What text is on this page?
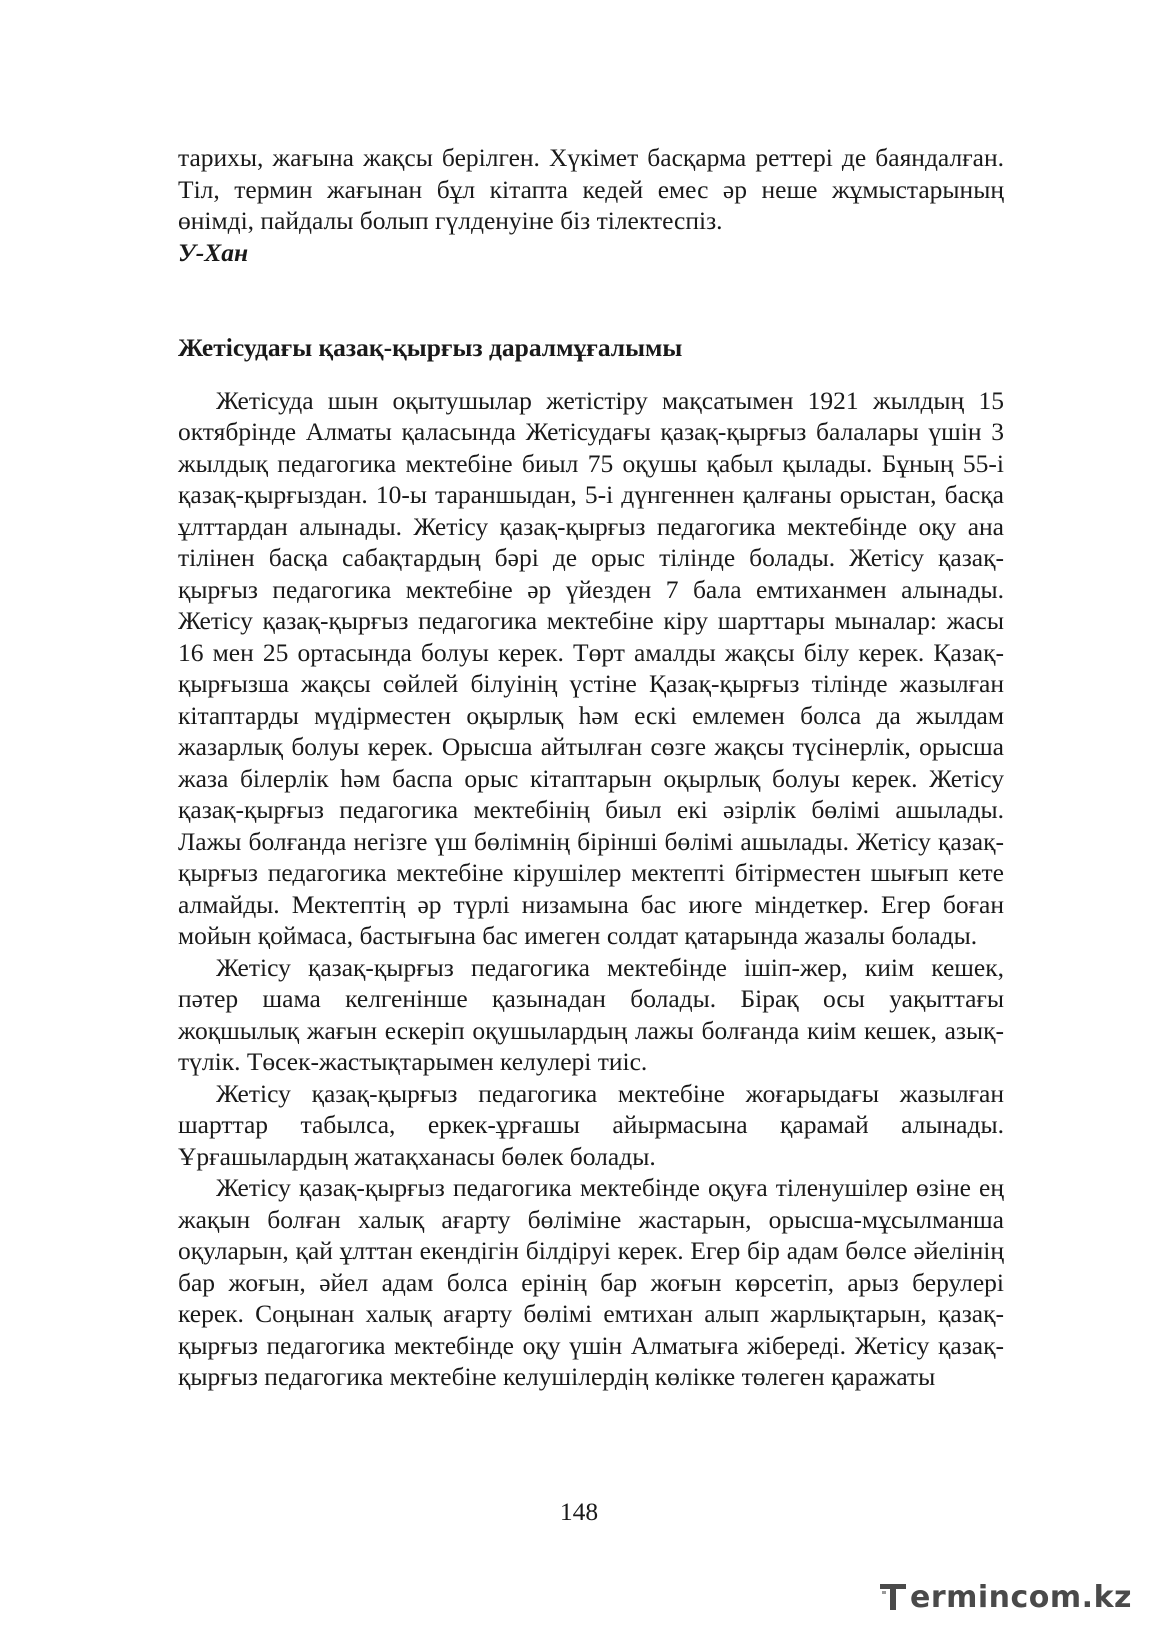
тарихы, жағына жақсы берілген. Хүкімет басқарма реттері де баяндалған. Тіл, термин жағынан бұл кітапта кедей емес әр неше жұмыстарының өнімді, пайдалы болып гүлденуіне біз тілектеспіз.

У-Хан

Жетісудағы қазақ-қырғыз даралмұғалымы

Жетісуда шын оқытушылар жетістіру мақсатымен 1921 жылдың 15 октябрінде Алматы қаласында Жетісудағы қазақ-қырғыз балалары үшін 3 жылдық педагогика мектебіне биыл 75 оқушы қабыл қылады. Бұның 55-і қазақ-қырғыздан. 10-ы тараншыдан, 5-і дүнгеннен қалғаны орыстан, басқа ұлттардан алынады. Жетісу қазақ-қырғыз педагогика мектебінде оқу ана тілінен басқа сабақтардың бәрі де орыс тілінде болады. Жетісу қазақ-қырғыз педагогика мектебіне әр үйезден 7 бала емтиханмен алынады. Жетісу қазақ-қырғыз педагогика мектебіне кіру шарттары мыналар: жасы 16 мен 25 ортасында болуы керек. Төрт амалды жақсы білу керек. Қазақ-қырғызша жақсы сөйлей білуінің үстіне Қазақ-қырғыз тілінде жазылған кітаптарды мүдірместен оқырлық һәм ескі емлемен болса да жылдам жазарлық болуы керек. Орысша айтылған сөзге жақсы түсінерлік, орысша жаза білерлік һәм баспа орыс кітаптарын оқырлық болуы керек. Жетісу қазақ-қырғыз педагогика мектебінің биыл екі әзірлік бөлімі ашылады. Лажы болғанда негізге үш бөлімнің бірінші бөлімі ашылады. Жетісу қазақ-қырғыз педагогика мектебіне кірушілер мектепті бітірместен шығып кете алмайды. Мектептің әр түрлі низамына бас июге міндеткер. Егер боған мойын қоймаса, бастығына бас имеген солдат қатарында жазалы болады.

Жетісу қазақ-қырғыз педагогика мектебінде ішіп-жер, киім кешек, пәтер шама келгенінше қазынадан болады. Бірақ осы уақыттағы жоқшылық жағын ескеріп оқушылардың лажы болғанда киім кешек, азық-түлік. Төсек-жастықтарымен келулері тиіс.

Жетісу қазақ-қырғыз педагогика мектебіне жоғарыдағы жазылған шарттар табылса, еркек-ұрғашы айырмасына қарамай алынады. Ұрғашылардың жатақханасы бөлек болады.

Жетісу қазақ-қырғыз педагогика мектебінде оқуға тіленушілер өзіне ең жақын болған халық ағарту бөліміне жастарын, орысша-мұсылманша оқуларын, қай ұлттан екендігін білдіруі керек. Егер бір адам бөлсе әйелінің бар жоғын, әйел адам болса ерінің бар жоғын көрсетіп, арыз берулері керек. Соңынан халық ағарту бөлімі емтихан алып жарлықтарын, қазақ-қырғыз педагогика мектебінде оқу үшін Алматыға жібереді. Жетісу қазақ-қырғыз педагогика мектебіне келушілердің көлікке төлеген қаражаты

148
ermincom.kz
